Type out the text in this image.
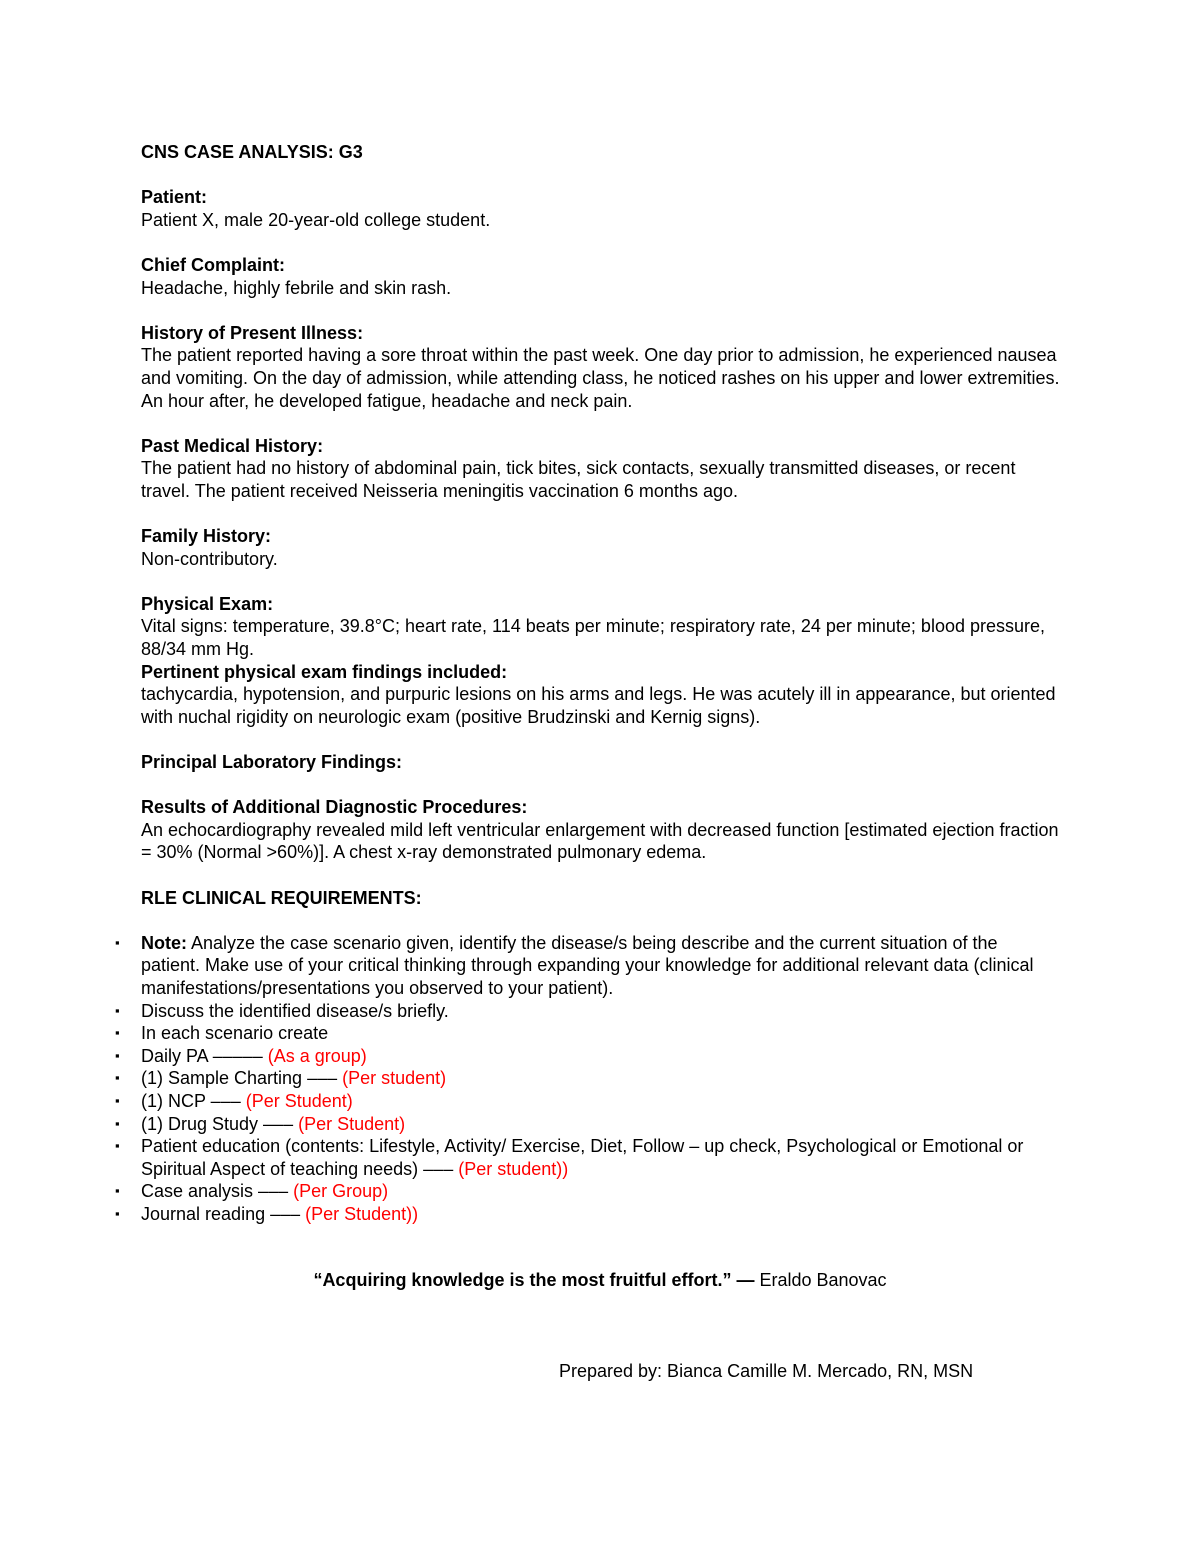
CNS CASE ANALYSIS: G3

Patient:

Patient X, male 20-year-old college student.

Chief Complaint:

Headache, highly febrile and skin rash.

History of Present Illness:

The patient reported having a sore throat within the past week. One day prior to admission, he experienced nausea and vomiting. On the day of admission, while attending class, he noticed rashes on his upper and lower extremities. An hour after, he developed fatigue, headache and neck pain.

Past Medical History:

The patient had no history of abdominal pain, tick bites, sick contacts, sexually transmitted diseases, or recent travel. The patient received Neisseria meningitis vaccination 6 months ago.

Family History:

Non-contributory.

Physical Exam:

Vital signs: temperature, 39.8°C; heart rate, 114 beats per minute; respiratory rate, 24 per minute; blood pressure, 88/34 mm Hg.

Pertinent physical exam findings included:

tachycardia, hypotension, and purpuric lesions on his arms and legs. He was acutely ill in appearance, but oriented with nuchal rigidity on neurologic exam (positive Brudzinski and Kernig signs).

Principal Laboratory Findings:

Results of Additional Diagnostic Procedures:

An echocardiography revealed mild left ventricular enlargement with decreased function [estimated ejection fraction = 30% (Normal >60%)]. A chest x-ray demonstrated pulmonary edema.

RLE CLINICAL REQUIREMENTS:

▪	Note: Analyze the case scenario given, identify the disease/s being describe and the current situation of the patient. Make use of your critical thinking through expanding your knowledge for additional relevant data (clinical manifestations/presentations you observed to your patient).
▪	Discuss the identified disease/s briefly.
▪	In each scenario create
▪	Daily PA ––––– (As a group)
▪	(1) Sample Charting ––– (Per student)
▪	(1) NCP ––– (Per Student)
▪	(1) Drug Study ––– (Per Student)
▪	Patient education (contents: Lifestyle, Activity/ Exercise, Diet, Follow – up check, Psychological or Emotional or Spiritual Aspect of teaching needs) ––– (Per student))
▪	Case analysis ––– (Per Group)
▪	Journal reading ––– (Per Student))

“Acquiring knowledge is the most fruitful effort.” — Eraldo Banovac

Prepared by: Bianca Camille M. Mercado, RN, MSN
